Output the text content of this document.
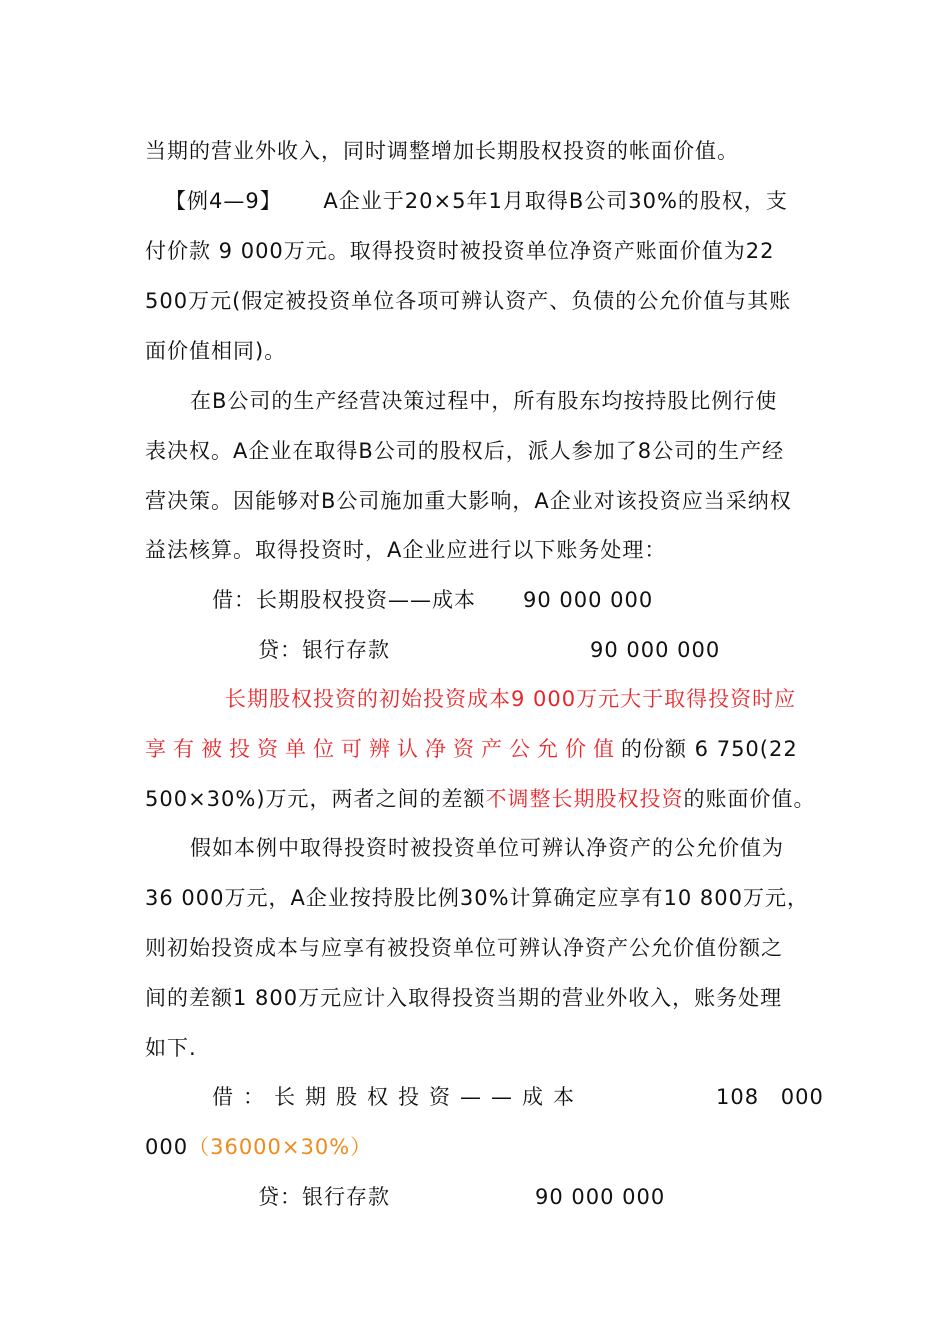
当期的营业外收入，同时调整增加长期股权投资的帐面价值。
【例4—9】 A企业于20×5年1月取得B公司30%的股权，支
付价款 9 000万元。取得投资时被投资单位净资产账面价值为22
500万元(假定被投资单位各项可辨认资产、负债的公允价值与其账
面价值相同)。
在B公司的生产经营决策过程中，所有股东均按持股比例行使
表决权。A企业在取得B公司的股权后，派人参加了8公司的生产经
营决策。因能够对B公司施加重大影响，A企业对该投资应当采纳权
益法核算。取得投资时，A企业应进行以下账务处理：
借：长期股权投资——成本 90 000 000
贷：银行存款	90 000 000
长期股权投资的初始投资成本9 000万元大于取得投资时应
享有被投资单位可辨认净资产公允价值的份额 6 750(22
500×30%)万元，两者之间的差额不调整长期股权投资的账面价值。
假如本例中取得投资时被投资单位可辨认净资产的公允价值为
36 000万元，A企业按持股比例30%计算确定应享有10 800万元，
则初始投资成本与应享有被投资单位可辨认净资产公允价值份额之
间的差额1 800万元应计入取得投资当期的营业外收入，账务处理
如下.
借：长期股权投资——成本	108 000
000（36000×30%）
贷：银行存款	90 000 000
